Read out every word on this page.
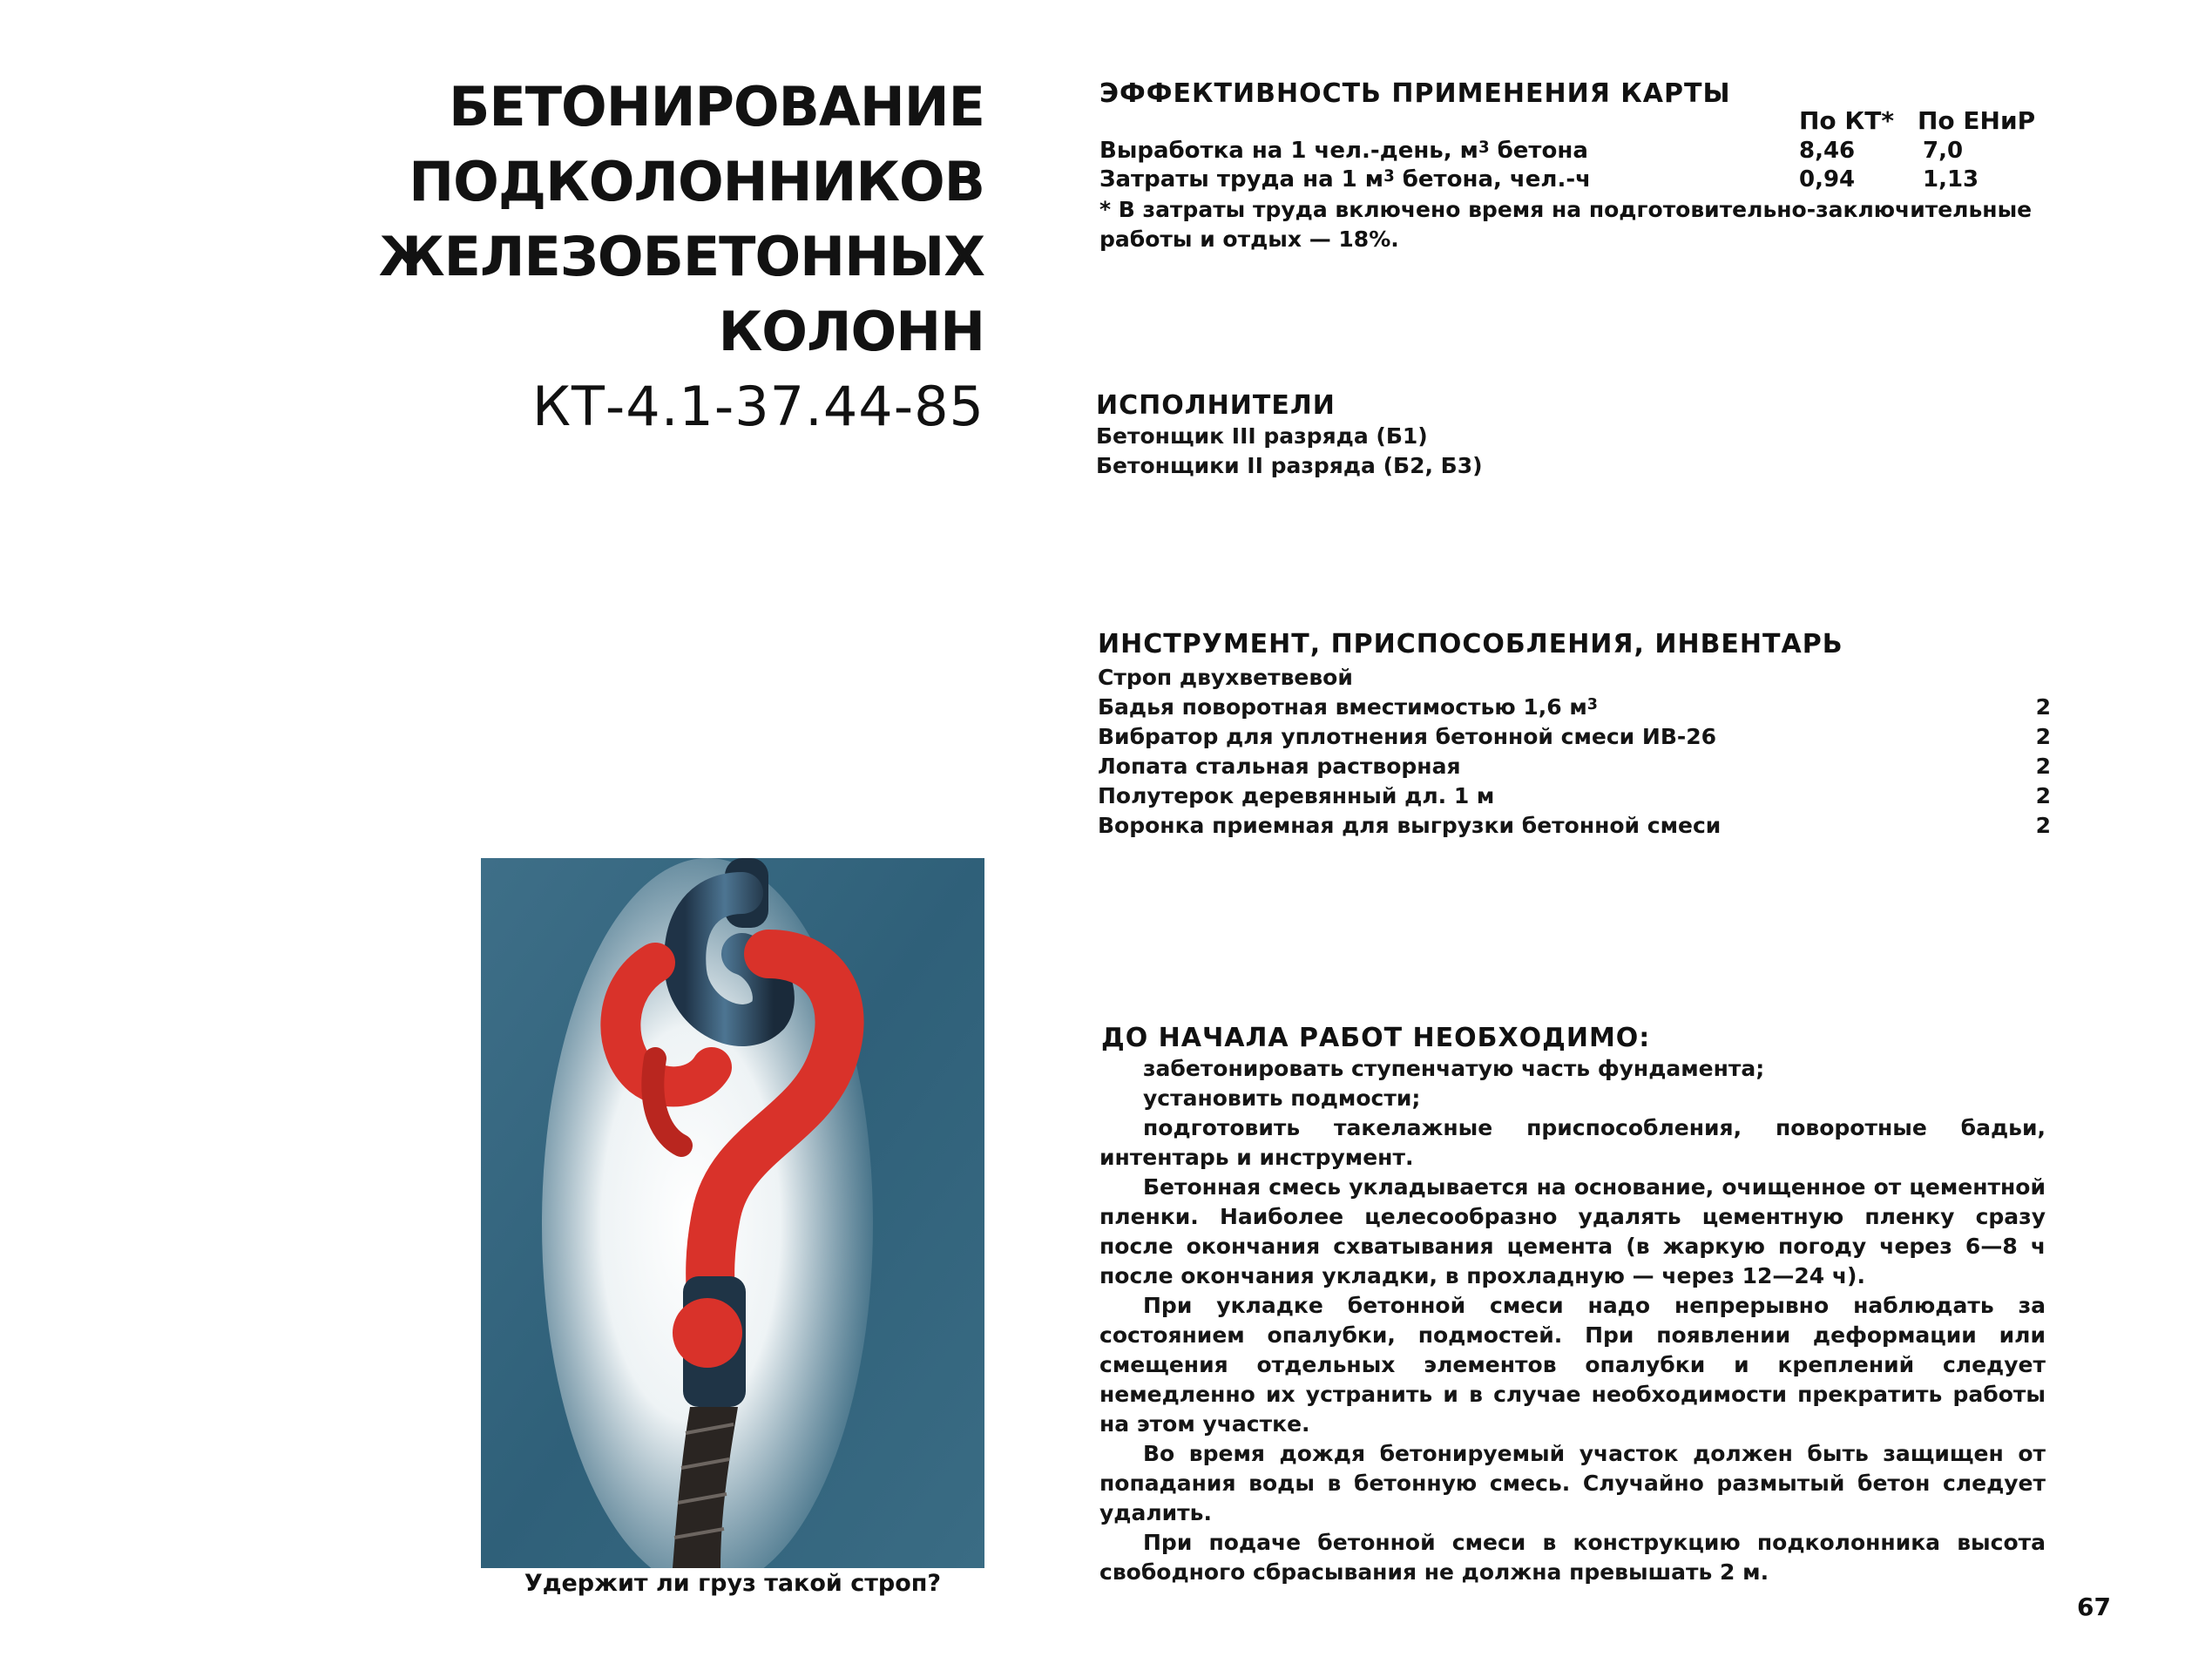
БЕТОНИРОВАНИЕ
ПОДКОЛОННИКОВ
ЖЕЛЕЗОБЕТОННЫХ КОЛОНН
КТ-4.1-37.44-85
ЭФФЕКТИВНОСТЬ ПРИМЕНЕНИЯ КАРТЫ
По КТ* По ЕНиР
Выработка на 1 чел.-день, $м^3$ бетона	8,46	7,0
Затраты труда на 1 $м^3$ бетона, чел.-ч	0,94	1,13
* В затраты труда включено время на подготовительно-заключительные работы и отдых — 18%.
ИСПОЛНИТЕЛИ
Бетонщик III разряда (Б1)
Бетонщики II разряда (Б2, Б3)
ИНСТРУМЕНТ, ПРИСПОСОБЛЕНИЯ, ИНВЕНТАРЬ
Строп двухветвевой
Бадья поворотная вместимостью 1,6 $м^3$	2
Вибратор для уплотнения бетонной смеси ИВ-26	2
Лопата стальная растворная	2
Полутерок деревянный дл. 1 м	2
Воронка приемная для выгрузки бетонной смеси	2
ДО НАЧАЛА РАБОТ НЕОБХОДИМО:

забетонировать ступенчатую часть фундамента;

установить подмости;

подготовить такелажные приспособления, поворотные бадьи, интентарь и инструмент.

Бетонная смесь укладывается на основание, очищенное от цементной пленки. Наиболее целесообразно удалять цементную пленку сразу после окончания схватывания цемента (в жаркую погоду через 6—8 ч после окончания укладки, в прохладную — через 12—24 ч).

При укладке бетонной смеси надо непрерывно наблюдать за состоянием опалубки, подмостей. При появлении деформации или смещения отдельных элементов опалубки и креплений следует немедленно их устранить и в случае необходимости прекратить работы на этом участке.

Во время дождя бетонируемый участок должен быть защищен от попадания воды в бетонную смесь. Случайно размытый бетон следует удалить.

При подаче бетонной смеси в конструкцию подколонника высота свободного сбрасывания не должна превышать 2 м.

Удержит ли груз такой строп?
67
